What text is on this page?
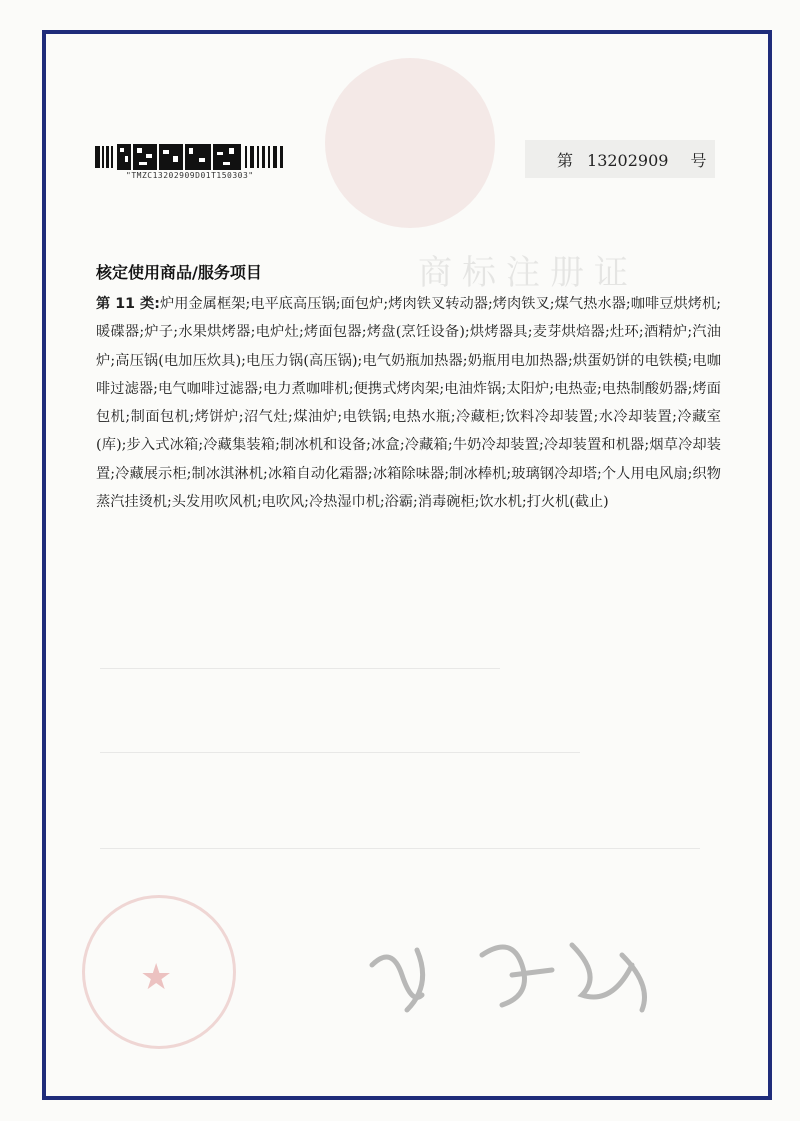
商标注册证
"TMZC13202909D01T150303"
第 13202909 号
核定使用商品/服务项目
第 11 类:炉用金属框架;电平底高压锅;面包炉;烤肉铁叉转动器;烤肉铁叉;煤气热水器;咖啡豆烘烤机;暖碟器;炉子;水果烘烤器;电炉灶;烤面包器;烤盘(烹饪设备);烘烤器具;麦芽烘焙器;灶环;酒精炉;汽油炉;高压锅(电加压炊具);电压力锅(高压锅);电气奶瓶加热器;奶瓶用电加热器;烘蛋奶饼的电铁模;电咖啡过滤器;电气咖啡过滤器;电力煮咖啡机;便携式烤肉架;电油炸锅;太阳炉;电热壶;电热制酸奶器;烤面包机;制面包机;烤饼炉;沼气灶;煤油炉;电铁锅;电热水瓶;冷藏柜;饮料冷却装置;水冷却装置;冷藏室(库);步入式冰箱;冷藏集装箱;制冰机和设备;冰盒;冷藏箱;牛奶冷却装置;冷却装置和机器;烟草冷却装置;冷藏展示柜;制冰淇淋机;冰箱自动化霜器;冰箱除味器;制冰棒机;玻璃钢冷却塔;个人用电风扇;织物蒸汽挂烫机;头发用吹风机;电吹风;冷热湿巾机;浴霸;消毒碗柜;饮水机;打火机(截止)
★
